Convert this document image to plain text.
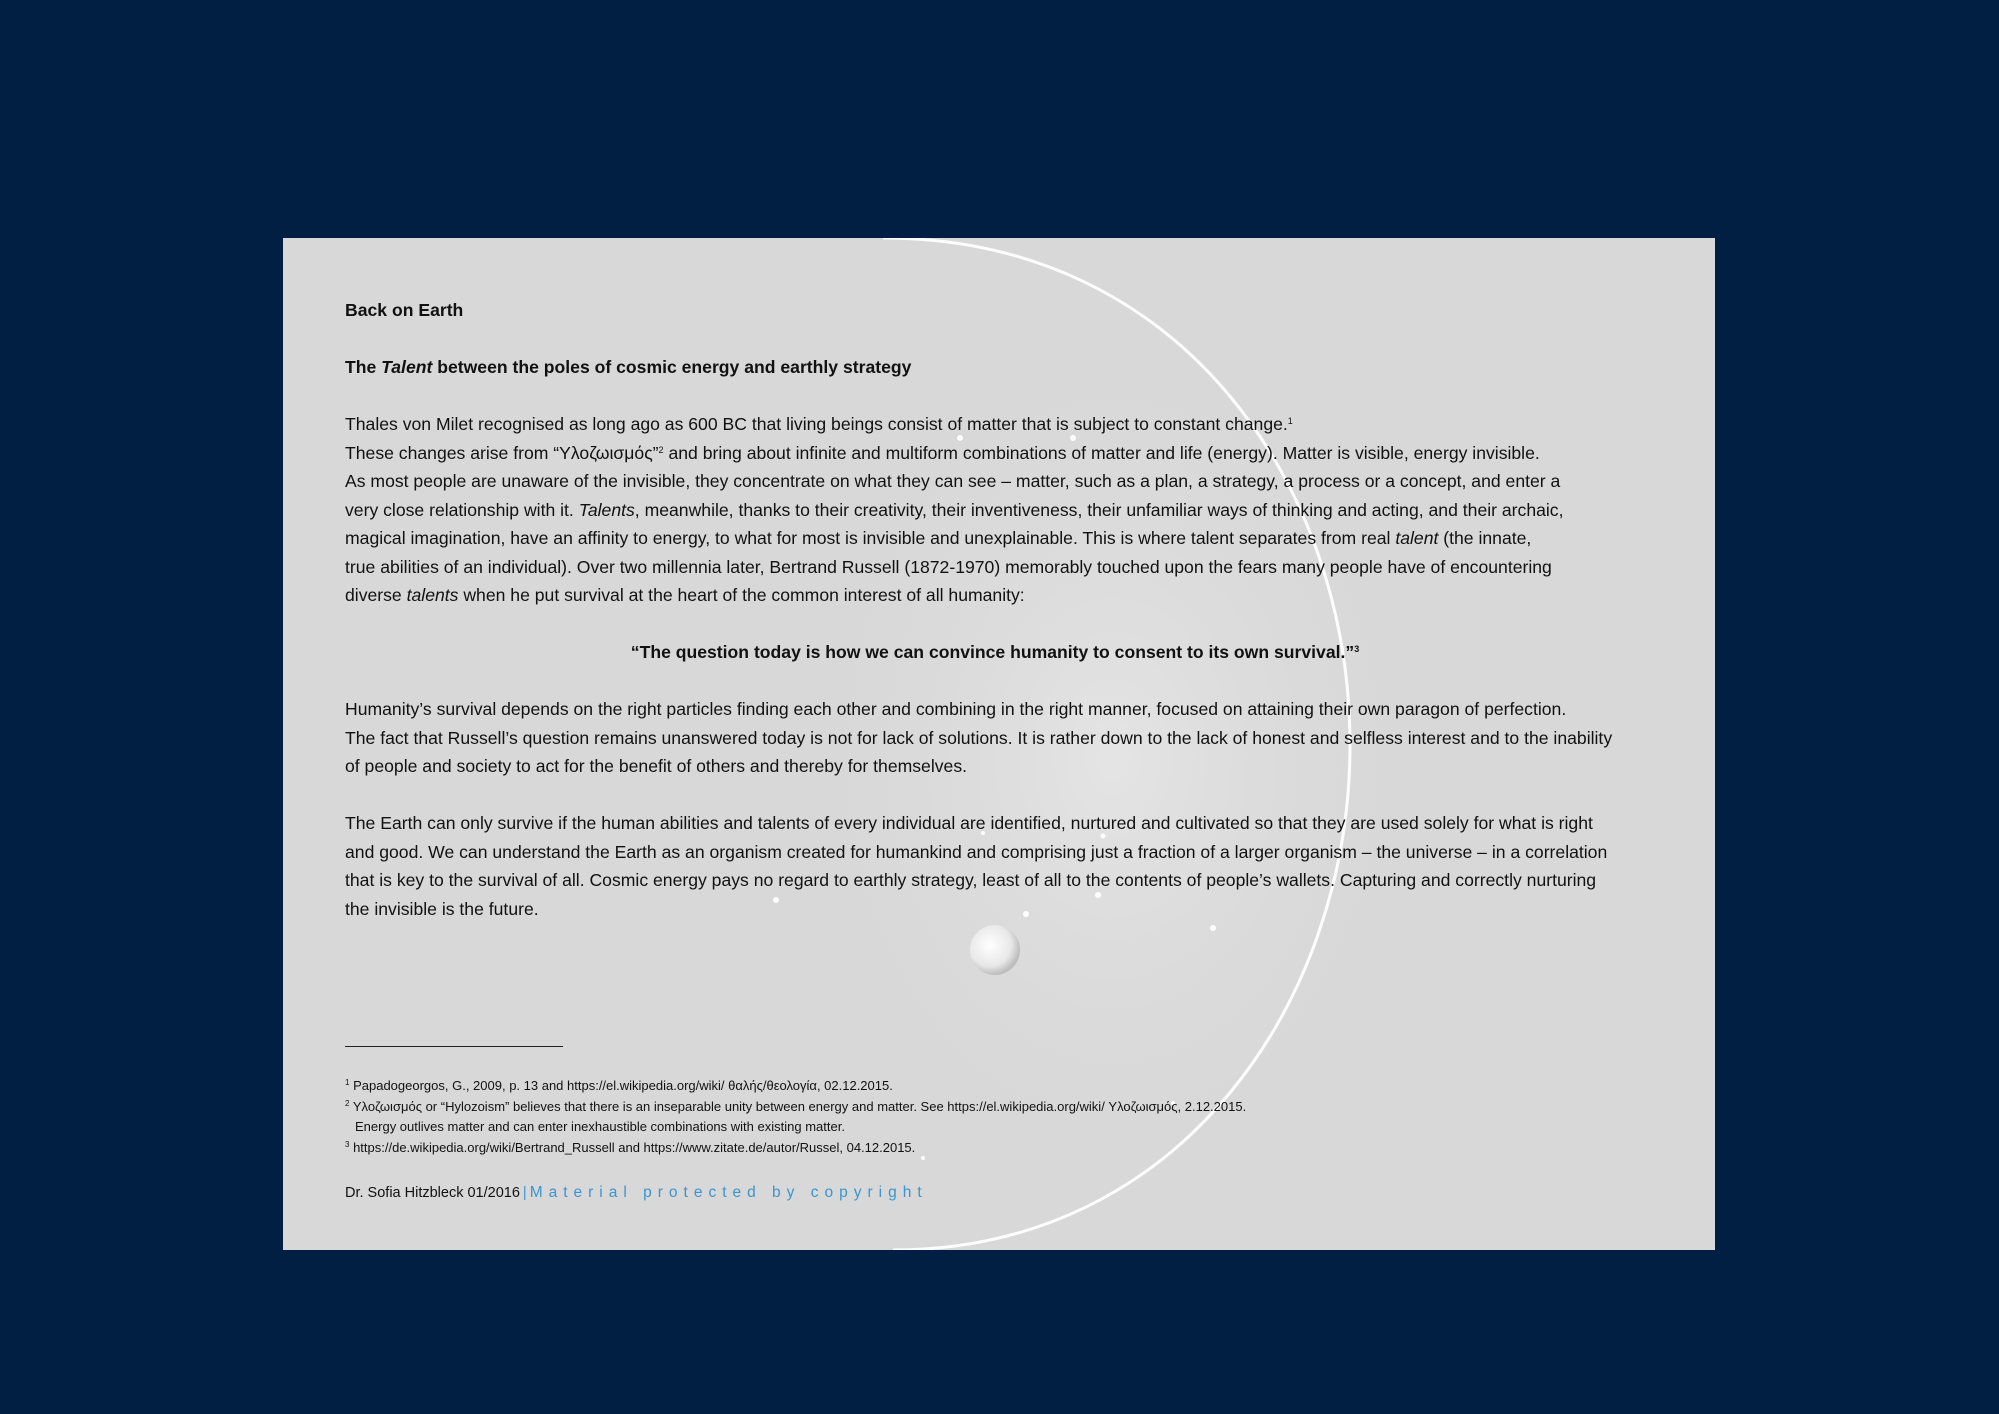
Back on Earth

The Talent between the poles of cosmic energy and earthly strategy

Thales von Milet recognised as long ago as 600 BC that living beings consist of matter that is subject to constant change.$^1$
These changes arise from “Υλοζωισμός”$^2$ and bring about infinite and multiform combinations of matter and life (energy). Matter is visible, energy invisible.
As most people are unaware of the invisible, they concentrate on what they can see – matter, such as a plan, a strategy, a process or a concept, and enter a
very close relationship with it. Talents, meanwhile, thanks to their creativity, their inventiveness, their unfamiliar ways of thinking and acting, and their archaic,
magical imagination, have an affinity to energy, to what for most is invisible and unexplainable. This is where talent separates from real talent (the innate,
true abilities of an individual). Over two millennia later, Bertrand Russell (1872-1970) memorably touched upon the fears many people have of encountering
diverse talents when he put survival at the heart of the common interest of all humanity:

“The question today is how we can convince humanity to consent to its own survival.”$^3$

Humanity’s survival depends on the right particles finding each other and combining in the right manner, focused on attaining their own paragon of perfection.
The fact that Russell’s question remains unanswered today is not for lack of solutions. It is rather down to the lack of honest and selfless interest and to the inability
of people and society to act for the benefit of others and thereby for themselves.

The Earth can only survive if the human abilities and talents of every individual are identified, nurtured and cultivated so that they are used solely for what is right
and good. We can understand the Earth as an organism created for humankind and comprising just a fraction of a larger organism – the universe – in a correlation
that is key to the survival of all. Cosmic energy pays no regard to earthly strategy, least of all to the contents of people’s wallets. Capturing and correctly nurturing
the invisible is the future.

$^1$ Papadogeorgos, G., 2009, p. 13 and https://el.wikipedia.org/wiki/ θαλής/θεολογία, 02.12.2015.

$^2$ Υλοζωισμός or “Hylozoism” believes that there is an inseparable unity between energy and matter. See https://el.wikipedia.org/wiki/ Υλοζωισμός, 2.12.2015.

Energy outlives matter and can enter inexhaustible combinations with existing matter.

$^3$ https://de.wikipedia.org/wiki/Bertrand_Russell and https://www.zitate.de/autor/Russel, 04.12.2015.

Dr. Sofia Hitzbleck 01/2016 | Material protected by copyright
